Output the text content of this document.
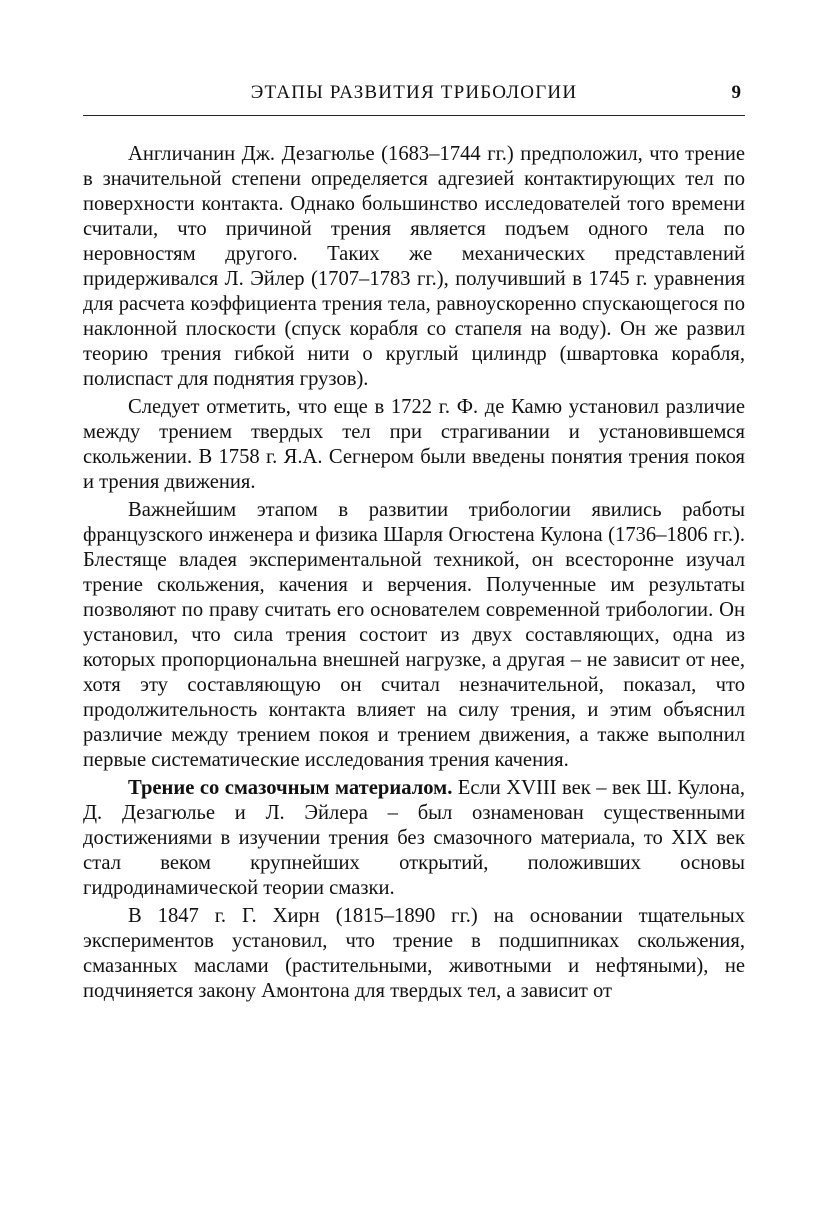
ЭТАПЫ РАЗВИТИЯ ТРИБОЛОГИИ	9

Англичанин Дж. Дезагюлье (1683–1744 гг.) предположил, что трение в значительной степени определяется адгезией контактирующих тел по поверхности контакта. Однако большинство исследователей того времени считали, что причиной трения является подъем одного тела по неровностям другого. Таких же механических представлений придерживался Л. Эйлер (1707–1783 гг.), получивший в 1745 г. уравнения для расчета коэффициента трения тела, равноускоренно спускающегося по наклонной плоскости (спуск корабля со стапеля на воду). Он же развил теорию трения гибкой нити о круглый цилиндр (швартовка корабля, полиспаст для поднятия грузов).

Следует отметить, что еще в 1722 г. Ф. де Камю установил различие между трением твердых тел при страгивании и установившемся скольжении. В 1758 г. Я.А. Сегнером были введены понятия трения покоя и трения движения.

Важнейшим этапом в развитии трибологии явились работы французского инженера и физика Шарля Огюстена Кулона (1736–1806 гг.). Блестяще владея экспериментальной техникой, он всесторонне изучал трение скольжения, качения и верчения. Полученные им результаты позволяют по праву считать его основателем современной трибологии. Он установил, что сила трения состоит из двух составляющих, одна из которых пропорциональна внешней нагрузке, а другая – не зависит от нее, хотя эту составляющую он считал незначительной, показал, что продолжительность контакта влияет на силу трения, и этим объяснил различие между трением покоя и трением движения, а также выполнил первые систематические исследования трения качения.

Трение со смазочным материалом. Если XVIII век – век Ш. Кулона, Д. Дезагюлье и Л. Эйлера – был ознаменован существенными достижениями в изучении трения без смазочного материала, то XIX век стал веком крупнейших открытий, положивших основы гидродинамической теории смазки.

В 1847 г. Г. Хирн (1815–1890 гг.) на основании тщательных экспериментов установил, что трение в подшипниках скольжения, смазанных маслами (растительными, животными и нефтяными), не подчиняется закону Амонтона для твердых тел, а зависит от
